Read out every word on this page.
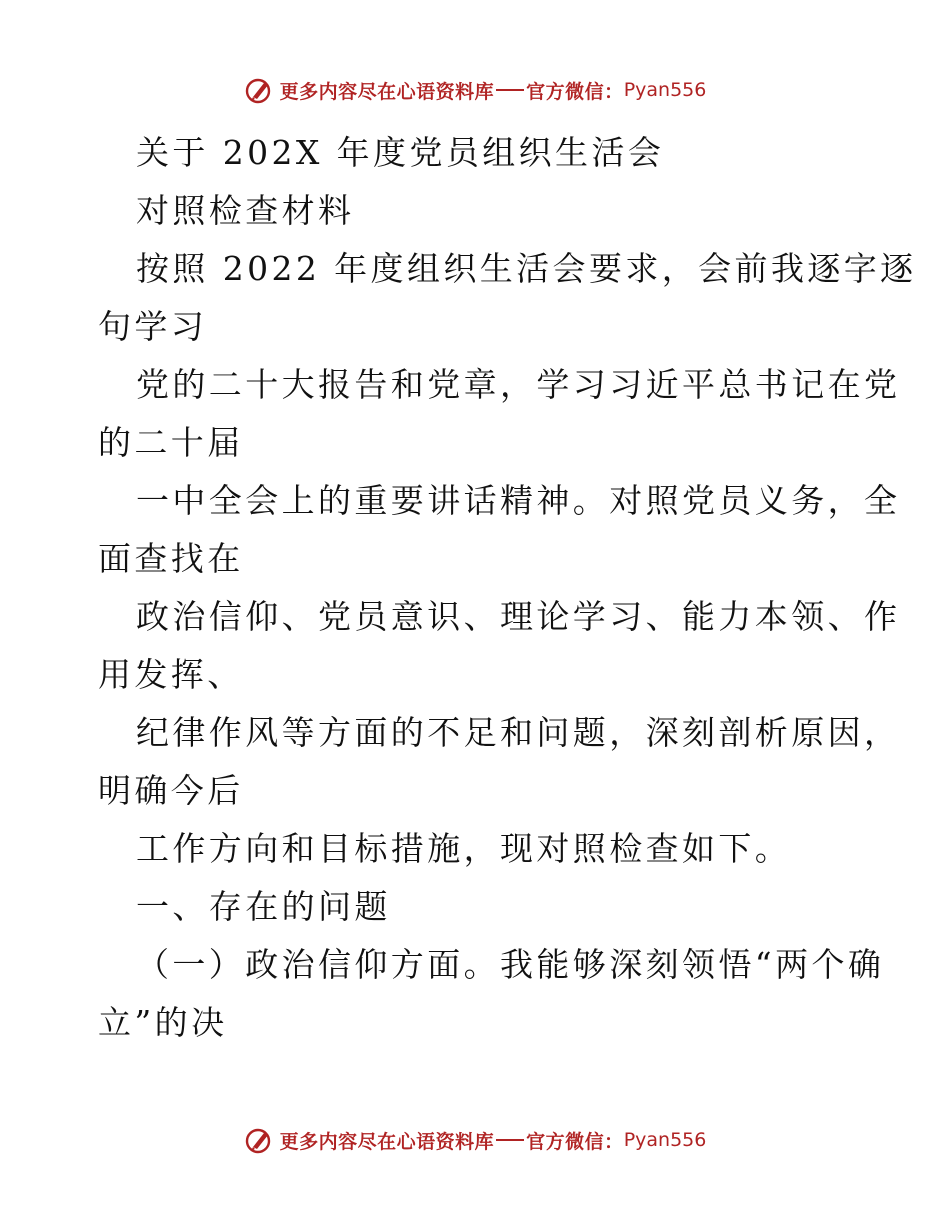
更多内容尽在心语资料库 官方微信： Pyan556
关于 202X 年度党员组织生活会
对照检查材料
按照 2022 年度组织生活会要求，会前我逐字逐
句学习
党的二十大报告和党章，学习习近平总书记在党
的二十届
一中全会上的重要讲话精神。对照党员义务，全
面查找在
政治信仰、党员意识、理论学习、能力本领、作
用发挥、
纪律作风等方面的不足和问题，深刻剖析原因，
明确今后
工作方向和目标措施，现对照检查如下。
一、存在的问题
（一）政治信仰方面。我能够深刻领悟“两个确
立”的决
更多内容尽在心语资料库 官方微信： Pyan556
